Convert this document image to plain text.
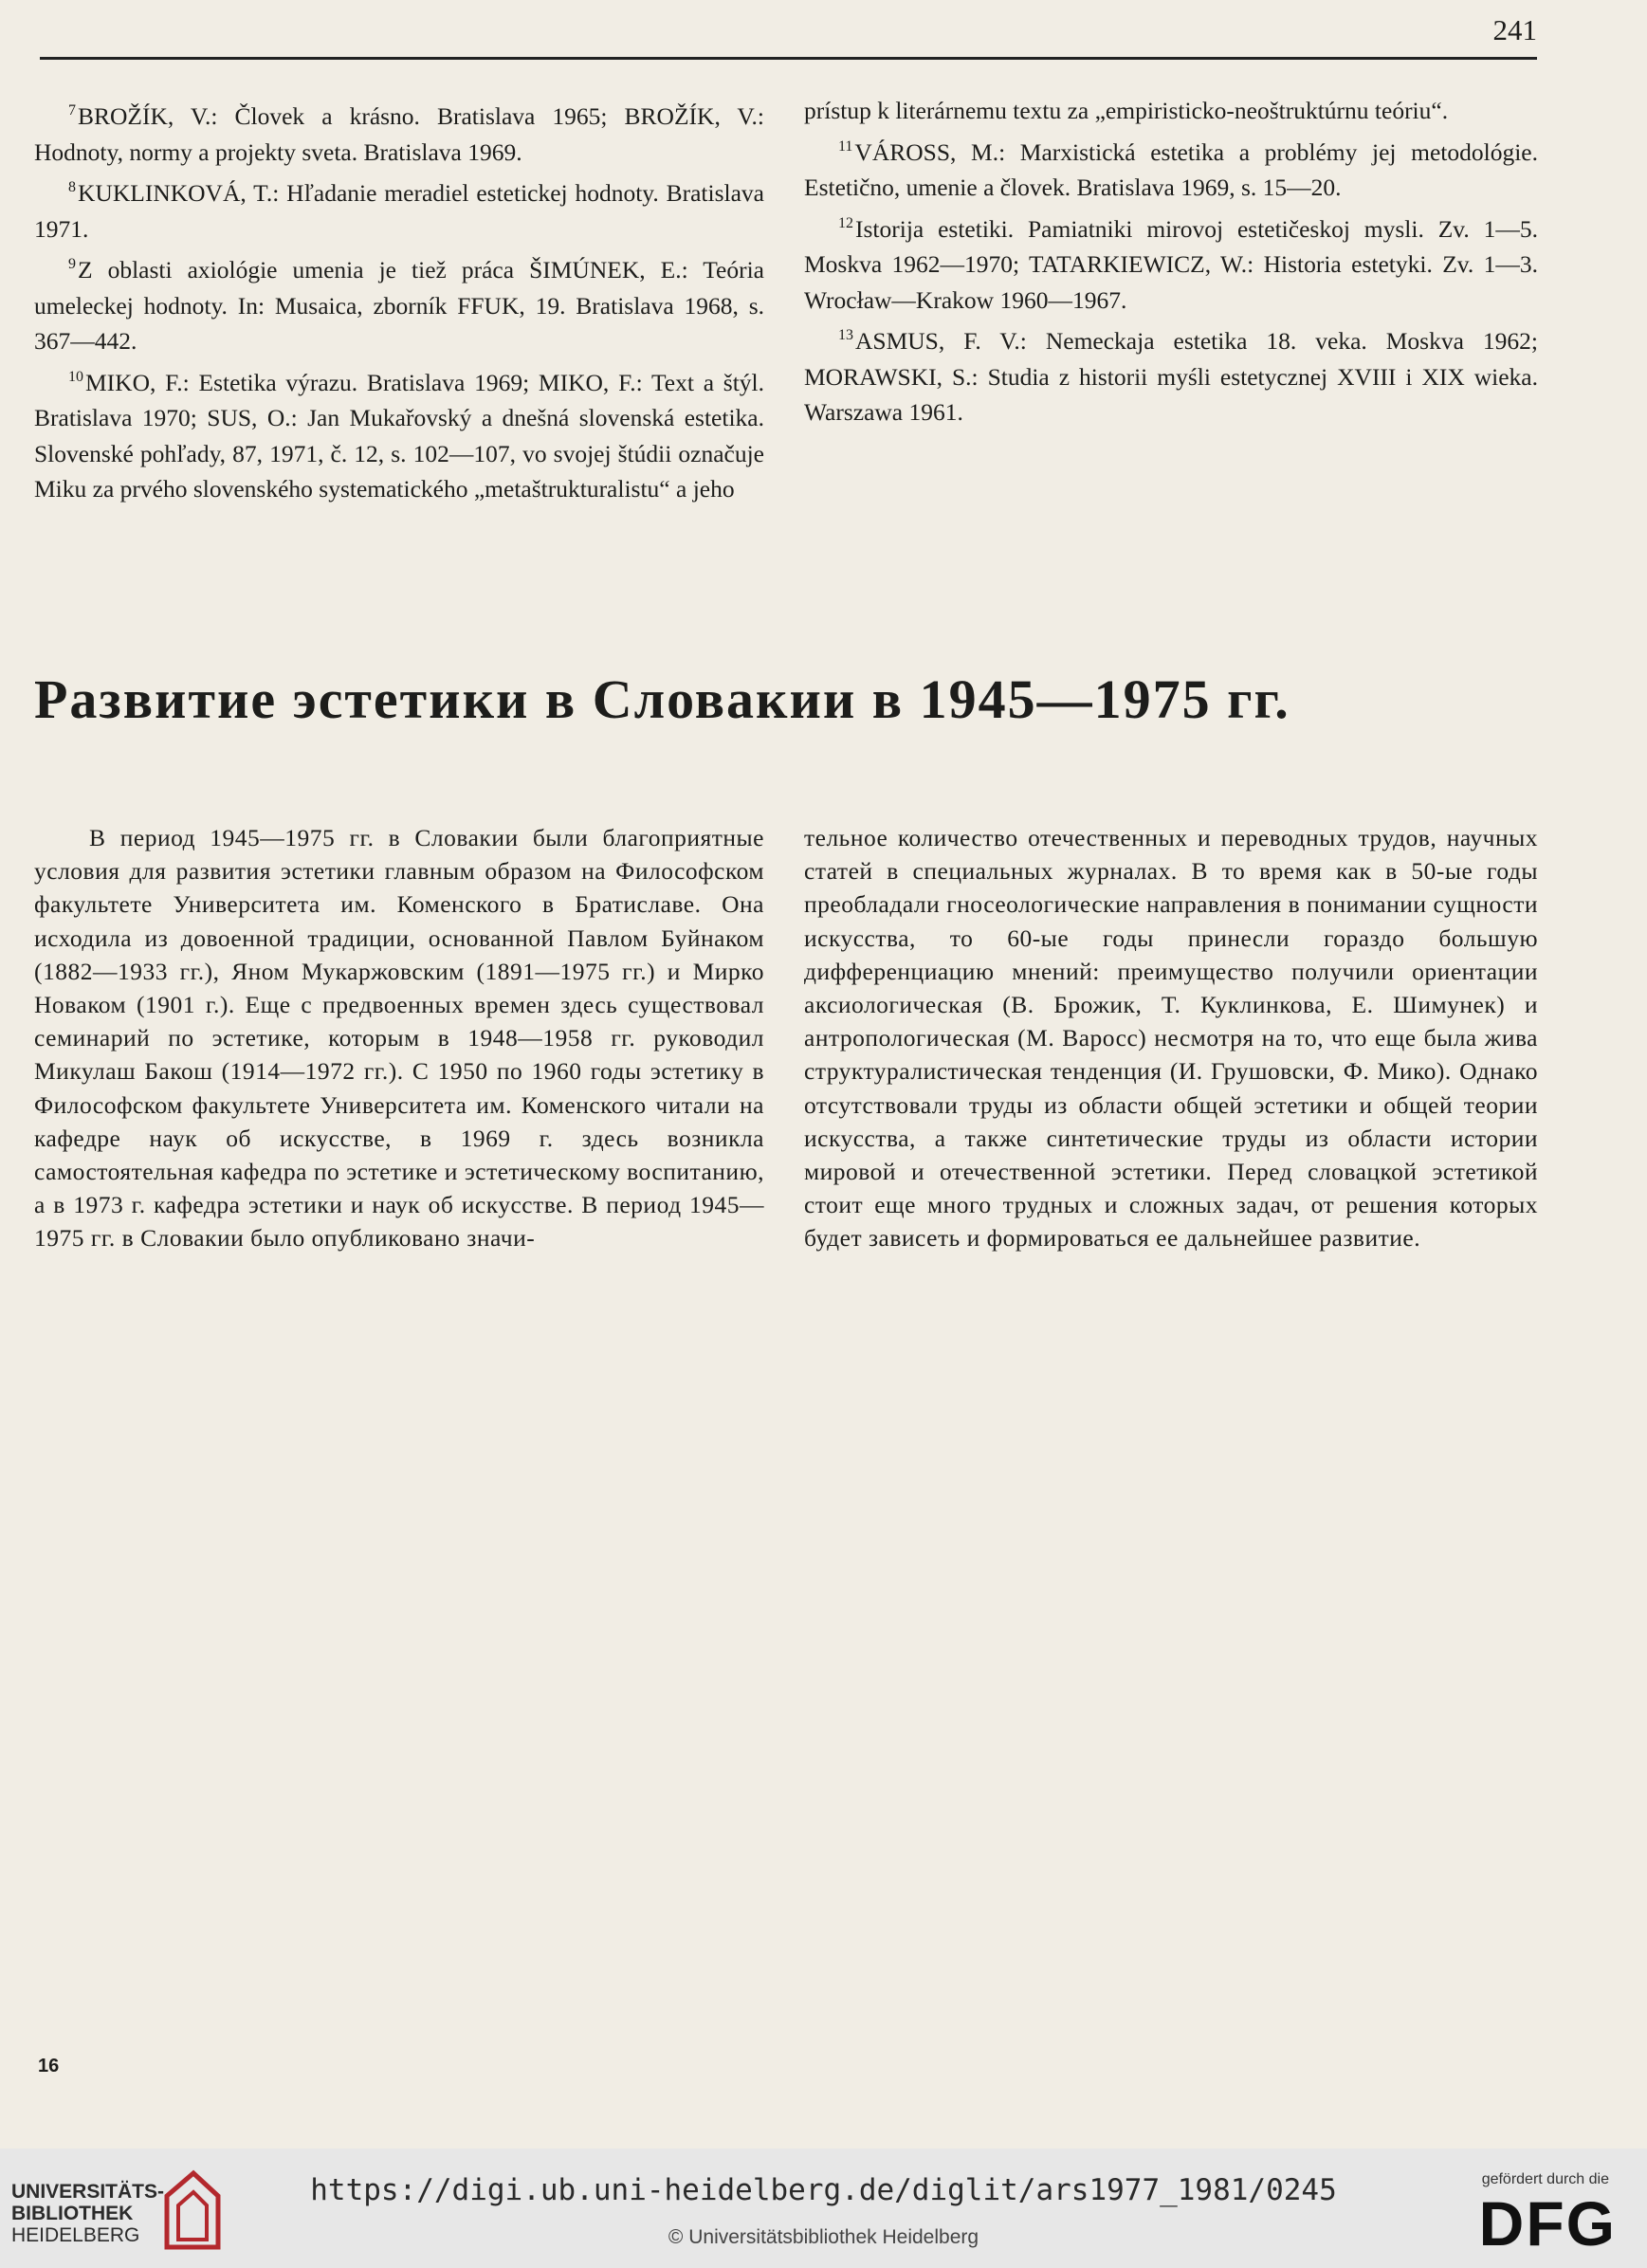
241

$^7$BROŽÍK, V.: Človek a krásno. Bratislava 1965; BROŽÍK, V.: Hodnoty, normy a projekty sveta. Bratislava 1969.

$^8$KUKLINKOVÁ, T.: Hľadanie meradiel estetickej hodnoty. Bratislava 1971.

$^9$Z oblasti axiológie umenia je tiež práca ŠIMÚNEK, E.: Teória umeleckej hodnoty. In: Musaica, zborník FFUK, 19. Bratislava 1968, s. 367—442.

$^{10}$MIKO, F.: Estetika výrazu. Bratislava 1969; MIKO, F.: Text a štýl. Bratislava 1970; SUS, O.: Jan Mukařovský a dnešná slovenská estetika. Slovenské pohľady, 87, 1971, č. 12, s. 102—107, vo svojej štúdii označuje Miku za prvého slovenského systematického „metaštrukturalistu“ a jeho

prístup k literárnemu textu za „empiristicko-neoštruktúrnu teóriu“.

$^{11}$VÁROSS, M.: Marxistická estetika a problémy jej metodológie. Estetično, umenie a človek. Bratislava 1969, s. 15—20.

$^{12}$Istorija estetiki. Pamiatniki mirovoj estetičeskoj mysli. Zv. 1—5. Moskva 1962—1970; TATARKIEWICZ, W.: Historia estetyki. Zv. 1—3. Wrocław—Krakow 1960—1967.

$^{13}$ASMUS, F. V.: Nemeckaja estetika 18. veka. Moskva 1962; MORAWSKI, S.: Studia z historii myśli estetycznej XVIII i XIX wieka. Warszawa 1961.

Развитие эстетики в Словакии в 1945—1975 гг.

В период 1945—1975 гг. в Словакии были благоприятные условия для развития эстетики главным образом на Философском факультете Университета им. Коменского в Братиславе. Она исходила из довоенной традиции, основанной Павлом Буйнаком (1882—1933 гг.), Яном Мукаржовским (1891—1975 гг.) и Мирко Новаком (1901 г.). Еще с предвоенных времен здесь существовал семинарий по эстетике, которым в 1948—1958 гг. руководил Микулаш Бакош (1914—1972 гг.). С 1950 по 1960 годы эстетику в Философском факультете Университета им. Коменского читали на кафедре наук об искусстве, в 1969 г. здесь возникла самостоятельная кафедра по эстетике и эстетическому воспитанию, а в 1973 г. кафедра эстетики и наук об искусстве. В период 1945—1975 гг. в Словакии было опубликовано значи-

тельное количество отечественных и переводных трудов, научных статей в специальных журналах. В то время как в 50-ые годы преобладали гносеологические направления в понимании сущности искусства, то 60-ые годы принесли гораздо большую дифференциацию мнений: преимущество получили ориентации аксиологическая (В. Брожик, Т. Куклинкова, Е. Шимунек) и антропологическая (М. Варосс) несмотря на то, что еще была жива структуралистическая тенденция (И. Грушовски, Ф. Мико). Однако отсутствовали труды из области общей эстетики и общей теории искусства, а также синтетические труды из области истории мировой и отечественной эстетики. Перед словацкой эстетикой стоит еще много трудных и сложных задач, от решения которых будет зависеть и формироваться ее дальнейшее развитие.

16
UNIVERSITÄTS-
BIBLIOTHEK
HEIDELBERG
https://digi.ub.uni-heidelberg.de/diglit/ars1977_1981/0245
© Universitätsbibliothek Heidelberg
gefördert durch die
DFG
